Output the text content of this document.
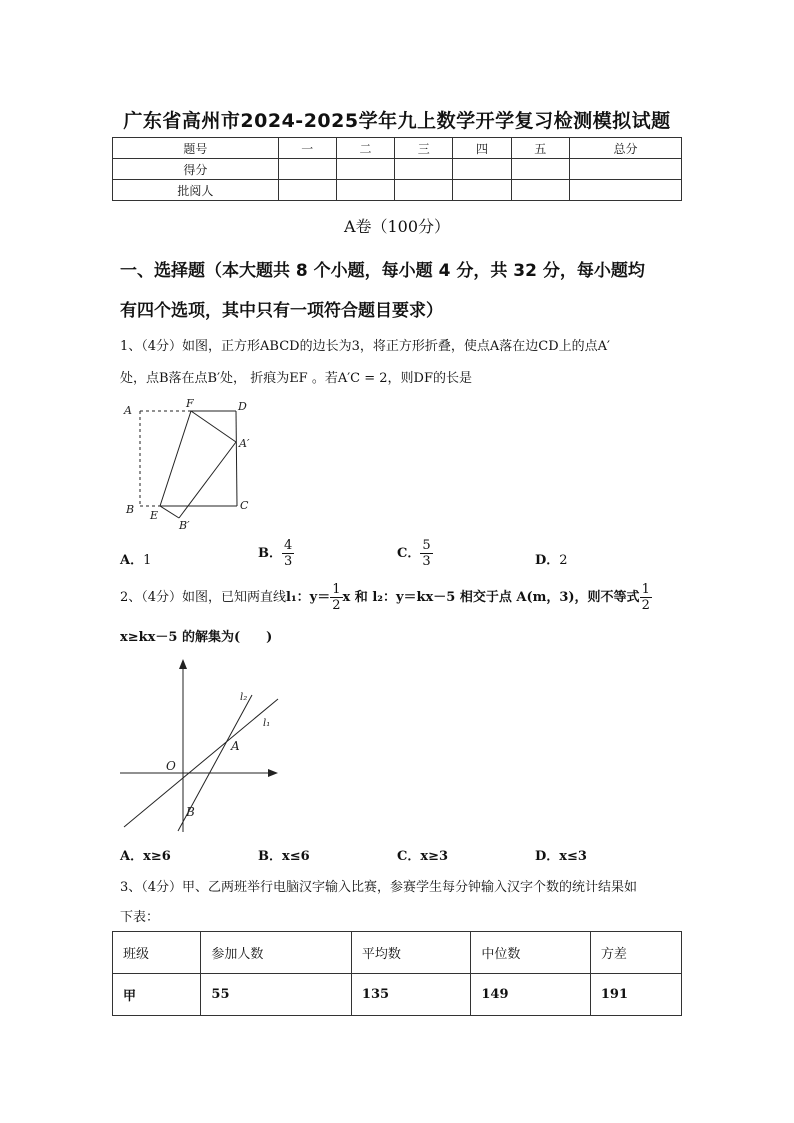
广东省高州市2024-2025学年九上数学开学复习检测模拟试题
题号	一	二	三	四	五	总分
得分						
批阅人						
A卷（100分）
一、选择题（本大题共 8 个小题，每小题 4 分，共 32 分，每小题均
有四个选项，其中只有一项符合题目要求）
1、（4分）如图，正方形ABCD的边长为3，将正方形折叠，使点A落在边CD上的点A′
处，点B落在点B′处， 折痕为EF 。若A′C = 2，则DF的长是
A
F	D
A′
B E
B′
C
A．1	B． $\frac{4}{3}$	C． $\frac{5}{3}$	D．2
2、（4分）如图，已知两直线l₁：$y= \frac{1}{2}$ x 和 l₂：y＝kx－5 相交于点 A(m，3)，则不等式 $\frac{1}{2}$
x≥kx－5 的解集为(　　)
O
A
B
l₂
l₁
A．x≥6	B．x≤6	C．x≥3	D．x≤3
3、（4分）甲、乙两班举行电脑汉字输入比赛，参赛学生每分钟输入汉字个数的统计结果如
下表：
班级	参加人数	平均数	中位数	方差
甲	55	135	149	191
